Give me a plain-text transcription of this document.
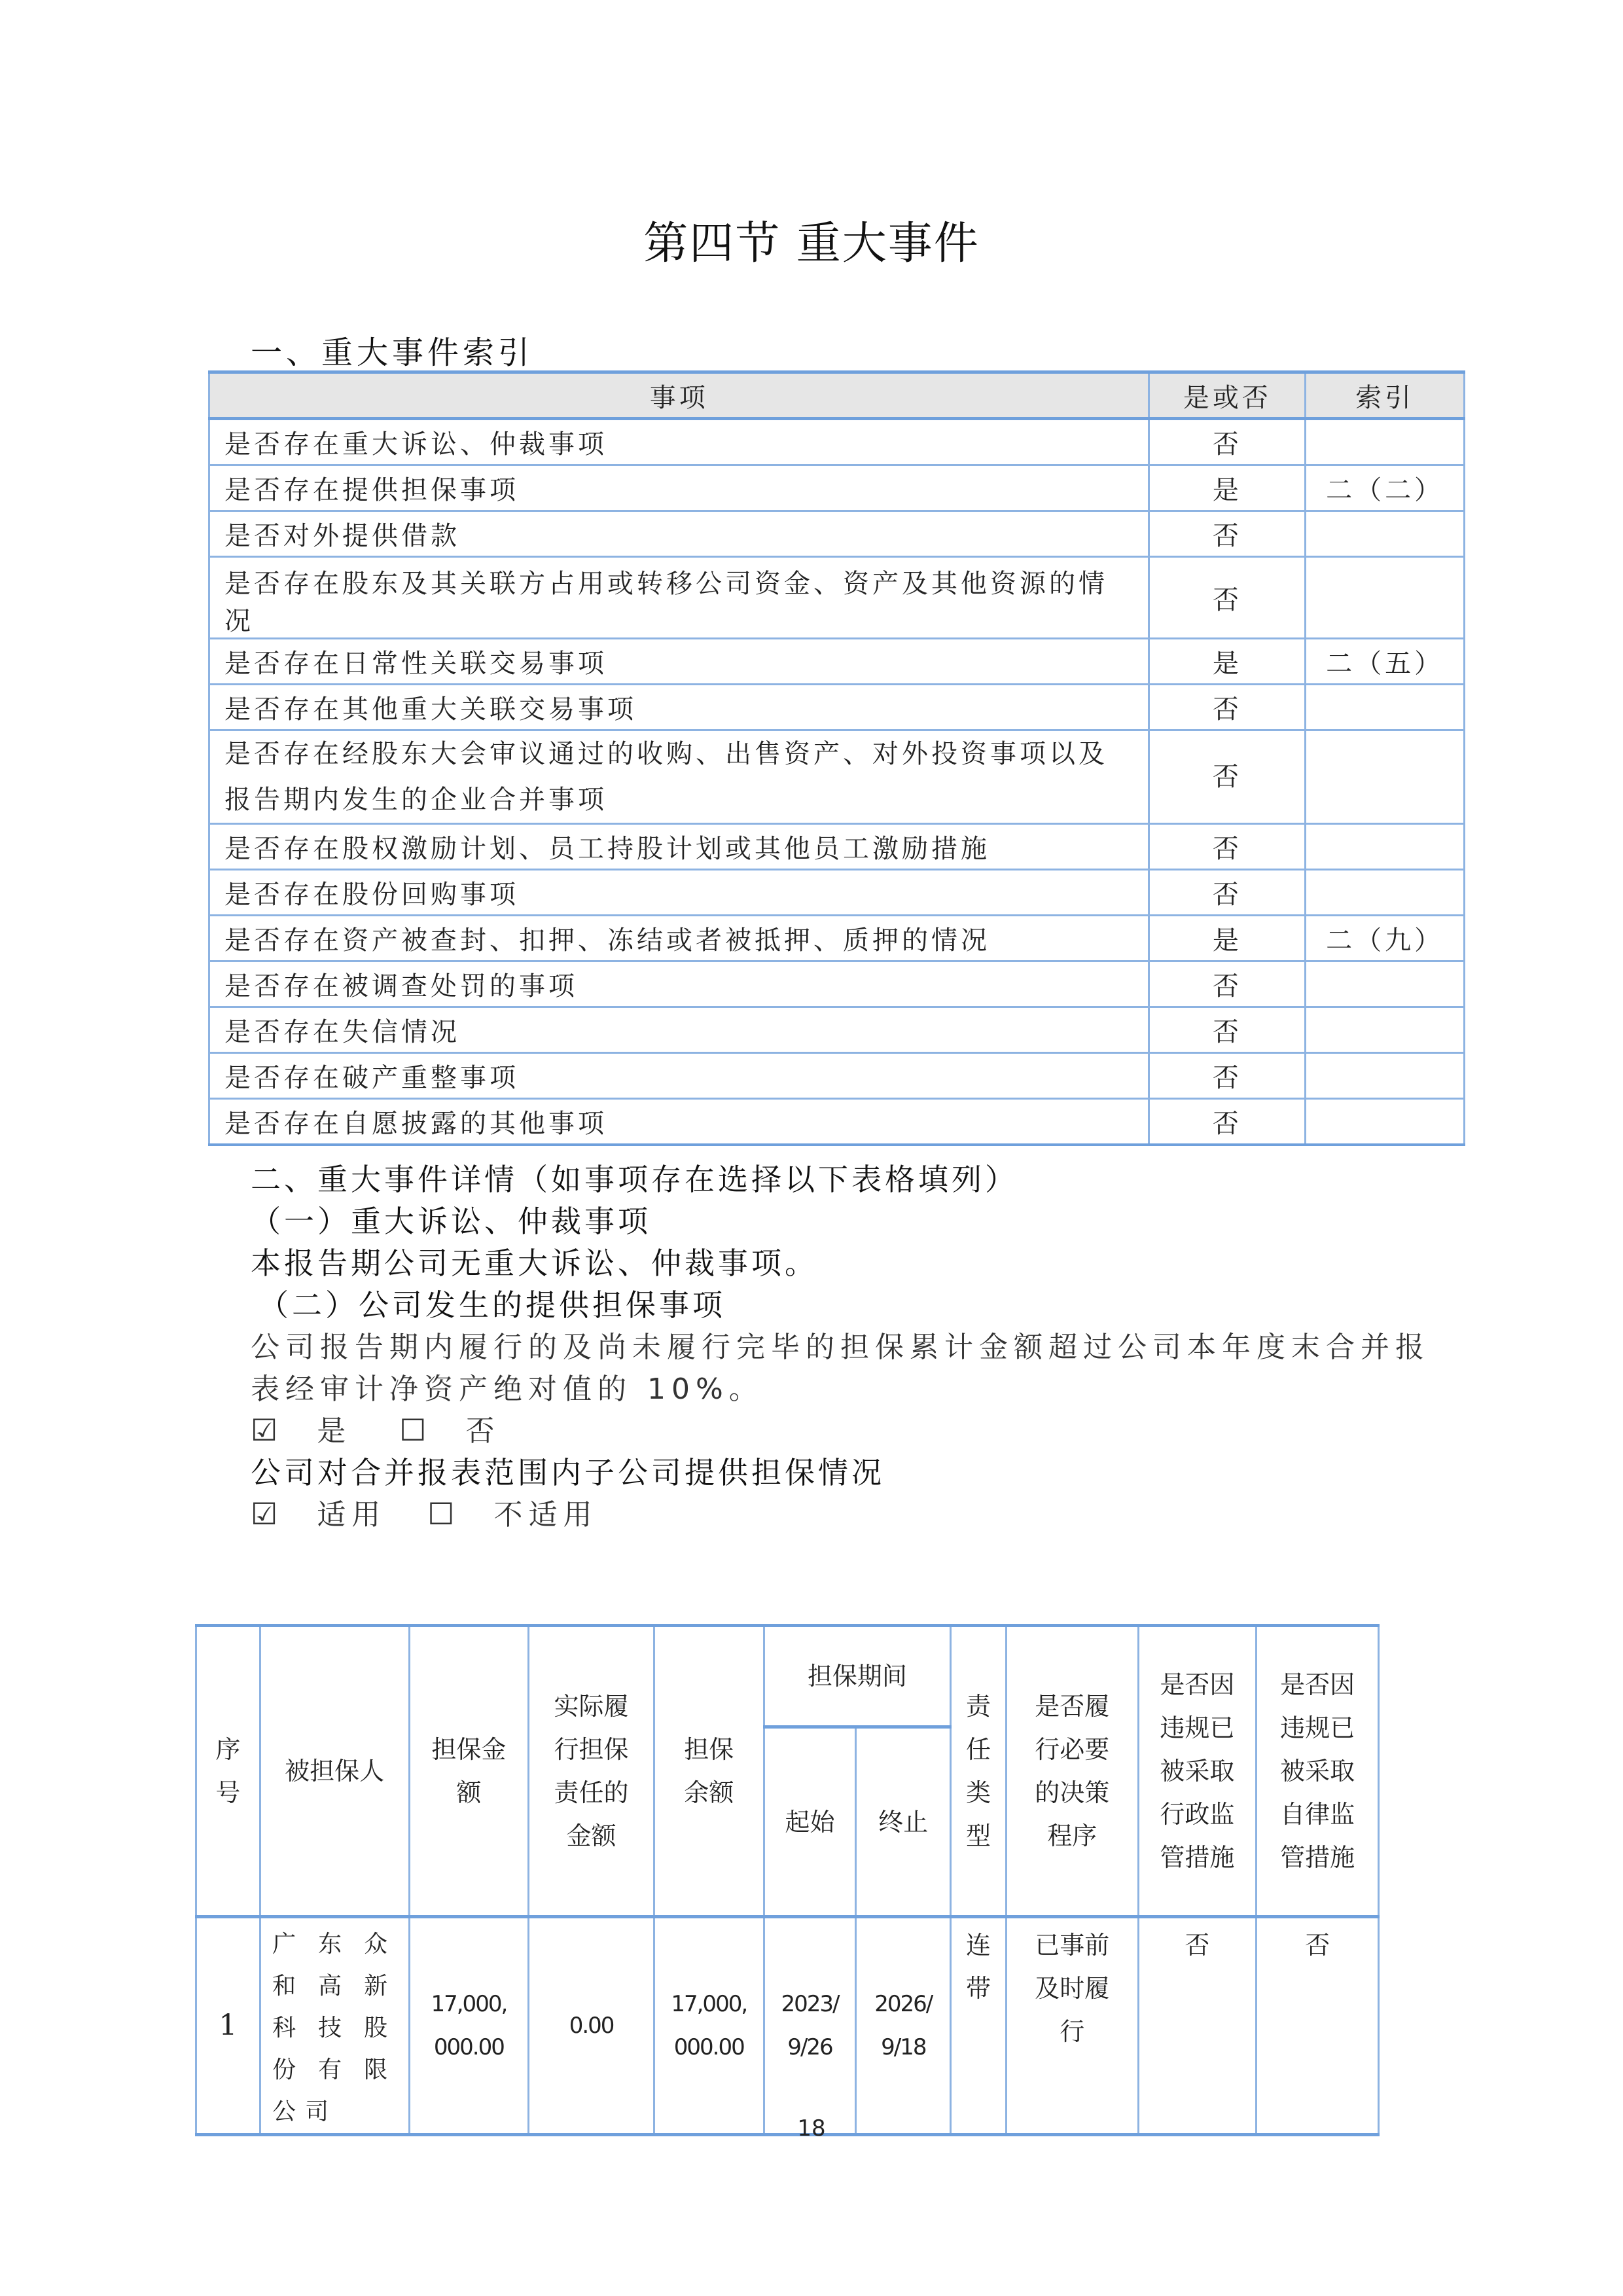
第四节 重大事件
一、重大事件索引
事项	是或否	索引
是否存在重大诉讼、仲裁事项	否	
是否存在提供担保事项	是	二（二）
是否对外提供借款	否	
是否存在股东及其关联方占用或转移公司资金、资产及其他资源的情况	否	
是否存在日常性关联交易事项	是	二（五）
是否存在其他重大关联交易事项	否	
是否存在经股东大会审议通过的收购、出售资产、对外投资事项以及报告期内发生的企业合并事项	否	
是否存在股权激励计划、员工持股计划或其他员工激励措施	否	
是否存在股份回购事项	否	
是否存在资产被查封、扣押、冻结或者被抵押、质押的情况	是	二（九）
是否存在被调查处罚的事项	否	
是否存在失信情况	否	
是否存在破产重整事项	否	
是否存在自愿披露的其他事项	否	
二、重大事件详情（如事项存在选择以下表格填列）
（一）重大诉讼、仲裁事项
本报告期公司无重大诉讼、仲裁事项。
（二）公司发生的提供担保事项
公司报告期内履行的及尚未履行完毕的担保累计金额超过公司本年度末合并报
表经审计净资产绝对值的 10%。
☑ 是 ☐ 否
公司对合并报表范围内子公司提供担保情况
☑ 适用 ☐ 不适用
序号	被担保人	担保金额	实际履行担保责任的金额	担保余额	担保期间		责任类型	是否履行必要的决策程序	是否因违规已被采取行政监管措施	是否因违规已被采取自律监管措施

					起始	终止				
1	广东众和高新科技股份有限公司	17,000,000.00	0.00	17,000,000.00	2023/9/26	2026/9/18	连带	已事前及时履行	否	否
18
